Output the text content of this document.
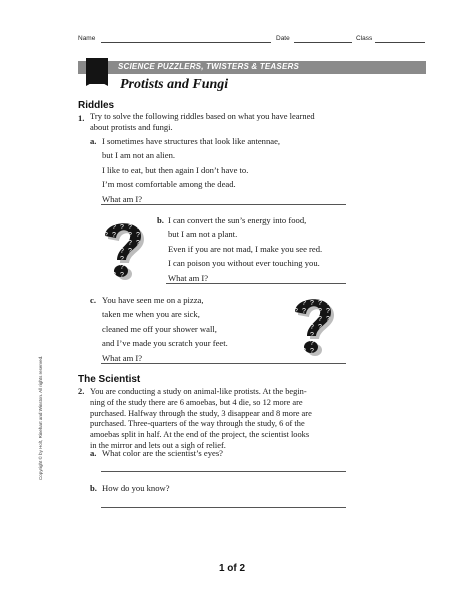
Name	Date	Class
SCIENCE PUZZLERS, TWISTERS & TEASERS
Protists and Fungi
Riddles
1. Try to solve the following riddles based on what you have learned
about protists and fungi.
a. I sometimes have structures that look like antennae,
but I am not an alien.
I like to eat, but then again I don’t have to.
I’m most comfortable among the dead.
What am I?
b. I can convert the sun’s energy into food,
but I am not a plant.
Even if you are not mad, I make you see red.
I can poison you without ever touching you.
What am I?
c. You have seen me on a pizza,
taken me when you are sick,
cleaned me off your shower wall,
and I’ve made you scratch your feet.
What am I?
The Scientist
2. You are conducting a study on animal-like protists. At the begin-
ning of the study there are 6 amoebas, but 4 die, so 12 more are
purchased. Halfway through the study, 3 disappear and 8 more are
purchased. Three-quarters of the way through the study, 6 of the
amoebas split in half. At the end of the project, the scientist looks
in the mirror and lets out a sigh of relief.
a. What color are the scientist’s eyes?
b. How do you know?
Copyright © by Holt, Rinehart and Winston. All rights reserved.
1 of 2
